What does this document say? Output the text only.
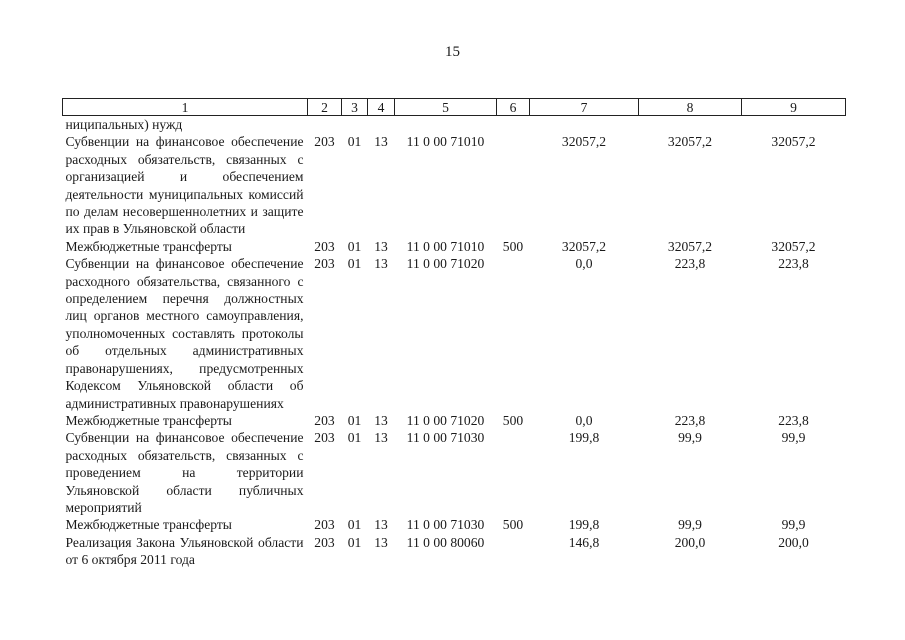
15
1	2	3	4	5	6	7	8	9
ниципальных) нужд								
Субвенции на финансовое обеспечение расходных обязательств, связанных с организацией и обеспечением деятельности муниципальных комиссий по делам несовершеннолетних и защите их прав в Ульяновской области	203	01	13	11 0 00 71010		32057,2	32057,2	32057,2
Межбюджетные трансферты	203	01	13	11 0 00 71010	500	32057,2	32057,2	32057,2
Субвенции на финансовое обеспечение расходного обязательства, связанного с определением перечня должностных лиц органов местного самоуправления, уполномоченных составлять протоколы об отдельных административных правонарушениях, предусмотренных Кодексом Ульяновской области об административных правонарушениях	203	01	13	11 0 00 71020		0,0	223,8	223,8
Межбюджетные трансферты	203	01	13	11 0 00 71020	500	0,0	223,8	223,8
Субвенции на финансовое обеспечение расходных обязательств, связанных с проведением на территории Ульяновской области публичных мероприятий	203	01	13	11 0 00 71030		199,8	99,9	99,9
Межбюджетные трансферты	203	01	13	11 0 00 71030	500	199,8	99,9	99,9
Реализация Закона Ульяновской области от 6 октября 2011 года	203	01	13	11 0 00 80060		146,8	200,0	200,0
